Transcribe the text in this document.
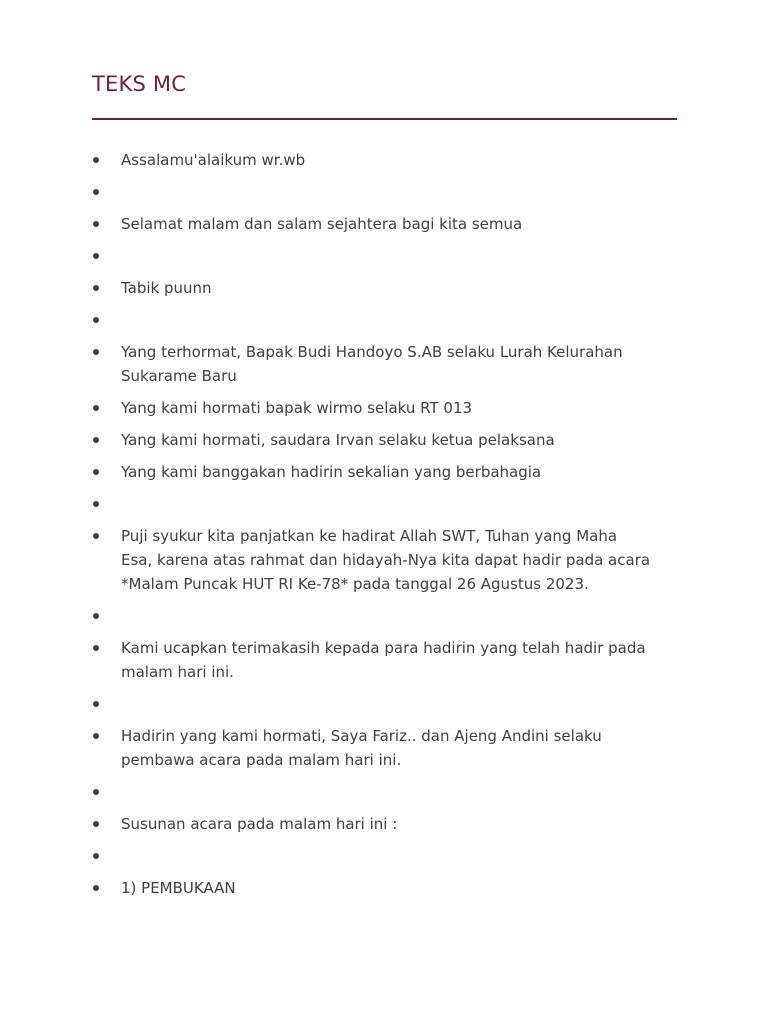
TEKS MC
Assalamu'alaikum wr.wb
Selamat malam dan salam sejahtera bagi kita semua
Tabik puunn
Yang terhormat, Bapak Budi Handoyo S.AB selaku Lurah Kelurahan
Sukarame Baru
Yang kami hormati bapak wirmo selaku RT 013
Yang kami hormati, saudara Irvan selaku ketua pelaksana
Yang kami banggakan hadirin sekalian yang berbahagia
Puji syukur kita panjatkan ke hadirat Allah SWT, Tuhan yang Maha
Esa, karena atas rahmat dan hidayah-Nya kita dapat hadir pada acara
*Malam Puncak HUT RI Ke-78* pada tanggal 26 Agustus 2023.
Kami ucapkan terimakasih kepada para hadirin yang telah hadir pada
malam hari ini.
Hadirin yang kami hormati, Saya Fariz.. dan Ajeng Andini selaku
pembawa acara pada malam hari ini.
Susunan acara pada malam hari ini :
1) PEMBUKAAN
